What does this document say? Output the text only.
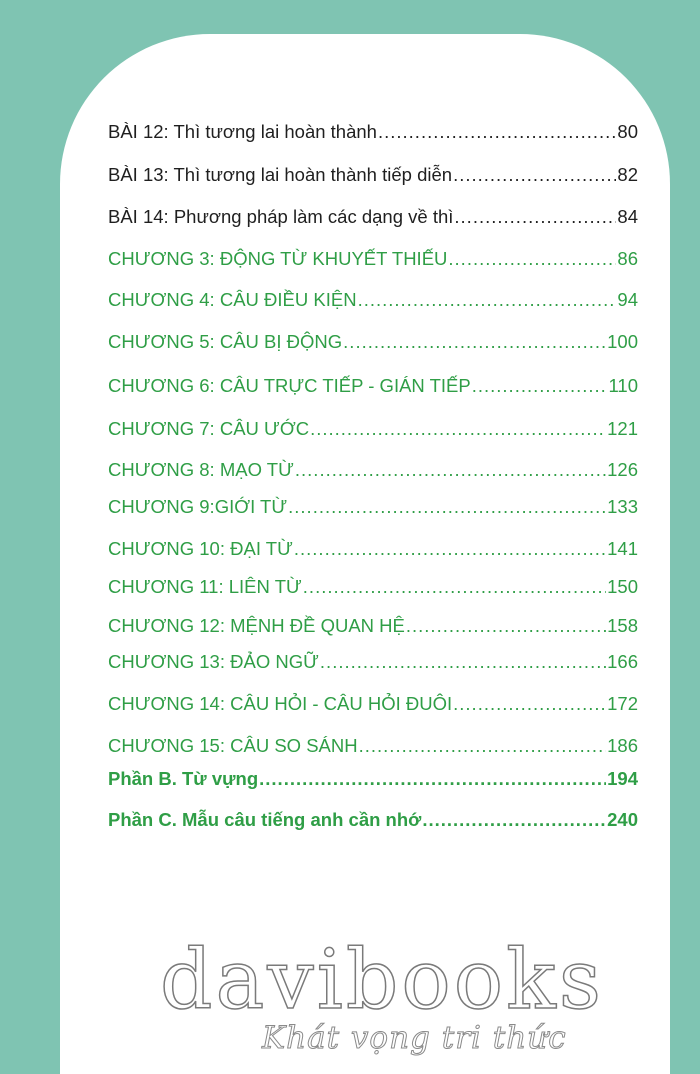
BÀI 12: Thì tương lai hoàn thành .....	80
BÀI 13: Thì tương lai hoàn thành tiếp diễn .....	82
BÀI 14: Phương pháp làm các dạng về thì .....	84
CHƯƠNG 3: ĐỘNG TỪ KHUYẾT THIẾU .....	86
CHƯƠNG 4: CÂU ĐIỀU KIỆN .....	94
CHƯƠNG 5: CÂU BỊ ĐỘNG .....	100
CHƯƠNG 6: CÂU TRỰC TIẾP - GIÁN TIẾP .....	110
CHƯƠNG 7: CÂU ƯỚC .....	121
CHƯƠNG 8: MẠO TỪ .....	126
CHƯƠNG 9:GIỚI TỪ .....	133
CHƯƠNG 10: ĐẠI TỪ .....	141
CHƯƠNG 11: LIÊN TỪ .....	150
CHƯƠNG 12: MỆNH ĐỀ QUAN HỆ .....	158
CHƯƠNG 13: ĐẢO NGỮ .....	166
CHƯƠNG 14: CÂU HỎI - CÂU HỎI ĐUÔI .....	172
CHƯƠNG 15: CÂU SO SÁNH .....	186
Phần B. Từ vựng .....	194
Phần C. Mẫu câu tiếng anh cần nhớ .....	240
davibooks
Khát vọng tri thức
